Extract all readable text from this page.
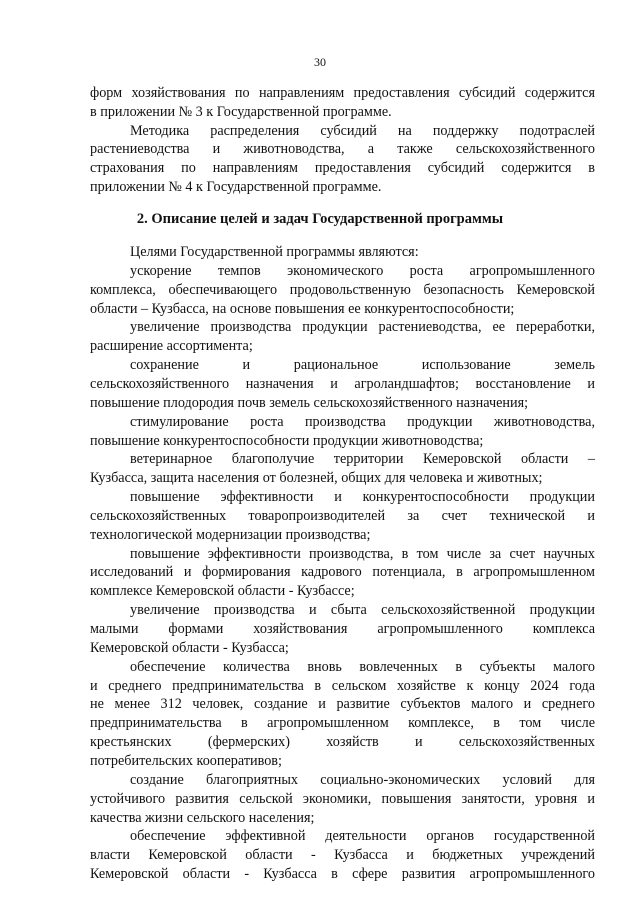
30
форм хозяйствования по направлениям предоставления субсидий содержится
в приложении № 3 к Государственной программе.
Методика распределения субсидий на поддержку подотраслей
растениеводства и животноводства, а также сельскохозяйственного
страхования по направлениям предоставления субсидий содержится в
приложении № 4 к Государственной программе.
2. Описание целей и задач Государственной программы
Целями Государственной программы являются:
ускорение темпов экономического роста агропромышленного
комплекса, обеспечивающего продовольственную безопасность Кемеровской
области – Кузбасса, на основе повышения ее конкурентоспособности;
увеличение производства продукции растениеводства, ее переработки,
расширение ассортимента;
сохранение и рациональное использование земель
сельскохозяйственного назначения и агроландшафтов; восстановление и
повышение плодородия почв земель сельскохозяйственного назначения;
стимулирование роста производства продукции животноводства,
повышение конкурентоспособности продукции животноводства;
ветеринарное благополучие территории Кемеровской области –
Кузбасса, защита населения от болезней, общих для человека и животных;
повышение эффективности и конкурентоспособности продукции
сельскохозяйственных товаропроизводителей за счет технической и
технологической модернизации производства;
повышение эффективности производства, в том числе за счет научных
исследований и формирования кадрового потенциала, в агропромышленном
комплексе Кемеровской области - Кузбассе;
увеличение производства и сбыта сельскохозяйственной продукции
малыми формами хозяйствования агропромышленного комплекса
Кемеровской области - Кузбасса;
обеспечение количества вновь вовлеченных в субъекты малого
и среднего предпринимательства в сельском хозяйстве к концу 2024 года
не менее 312 человек, создание и развитие субъектов малого и среднего
предпринимательства в агропромышленном комплексе, в том числе
крестьянских (фермерских) хозяйств и сельскохозяйственных
потребительских кооперативов;
создание благоприятных социально-экономических условий для
устойчивого развития сельской экономики, повышения занятости, уровня и
качества жизни сельского населения;
обеспечение эффективной деятельности органов государственной
власти Кемеровской области - Кузбасса и бюджетных учреждений
Кемеровской области - Кузбасса в сфере развития агропромышленного
